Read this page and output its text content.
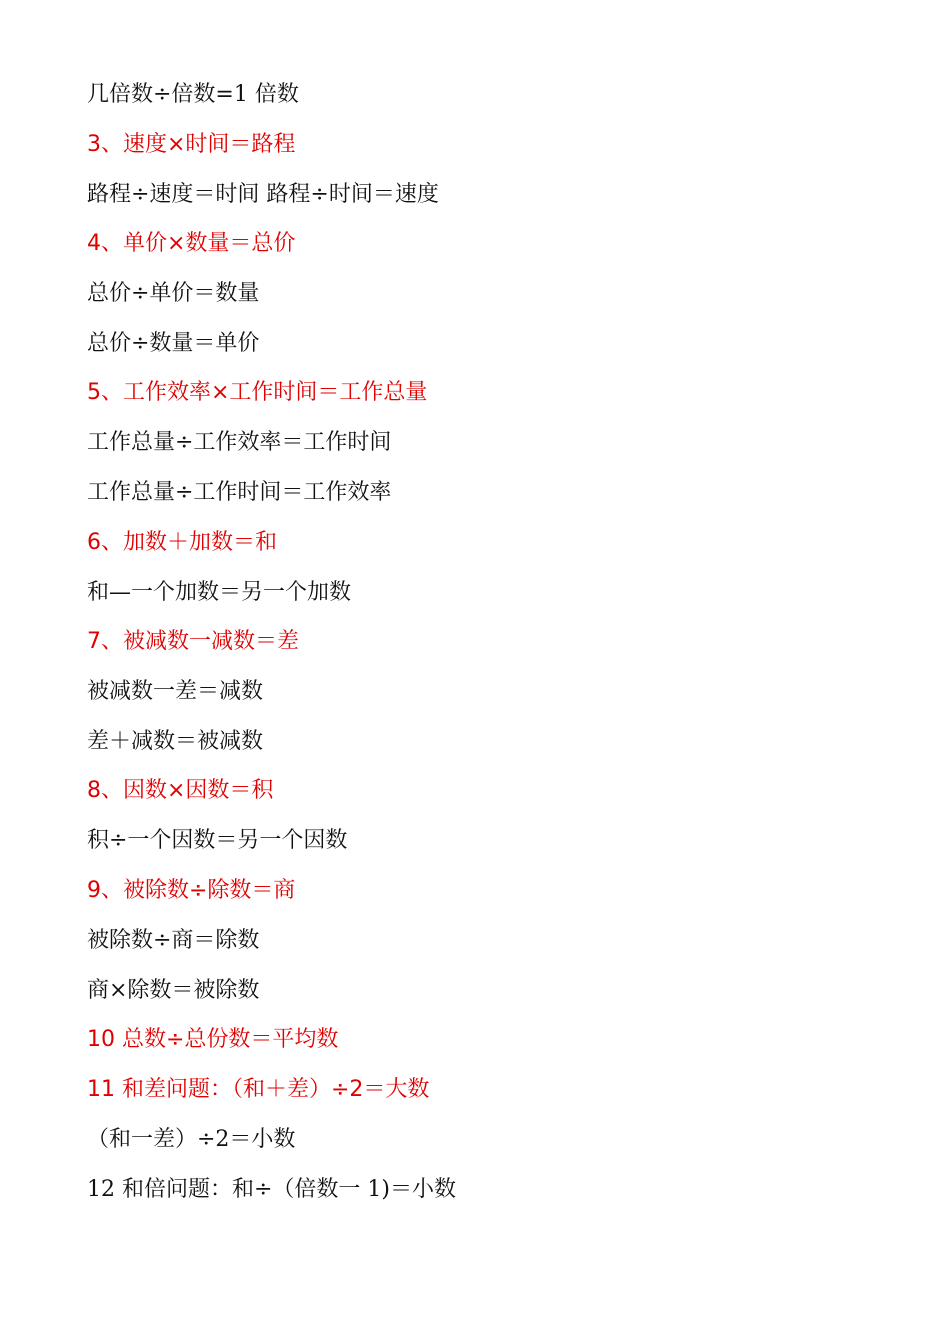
几倍数÷倍数=1 倍数
3、速度×时间＝路程
路程÷速度＝时间 路程÷时间＝速度
4、单价×数量＝总价
总价÷单价＝数量
总价÷数量＝单价
5、工作效率×工作时间＝工作总量
工作总量÷工作效率＝工作时间
工作总量÷工作时间＝工作效率
6、加数＋加数＝和
和—一个加数＝另一个加数
7、被减数一减数＝差
被减数一差＝减数
差＋减数＝被减数
8、因数×因数＝积
积÷一个因数＝另一个因数
9、被除数÷除数＝商
被除数÷商＝除数
商×除数＝被除数
10 总数÷总份数＝平均数
11 和差问题：（和＋差）÷2＝大数
（和一差）÷2＝小数
12 和倍问题：和÷（倍数一 1)＝小数
